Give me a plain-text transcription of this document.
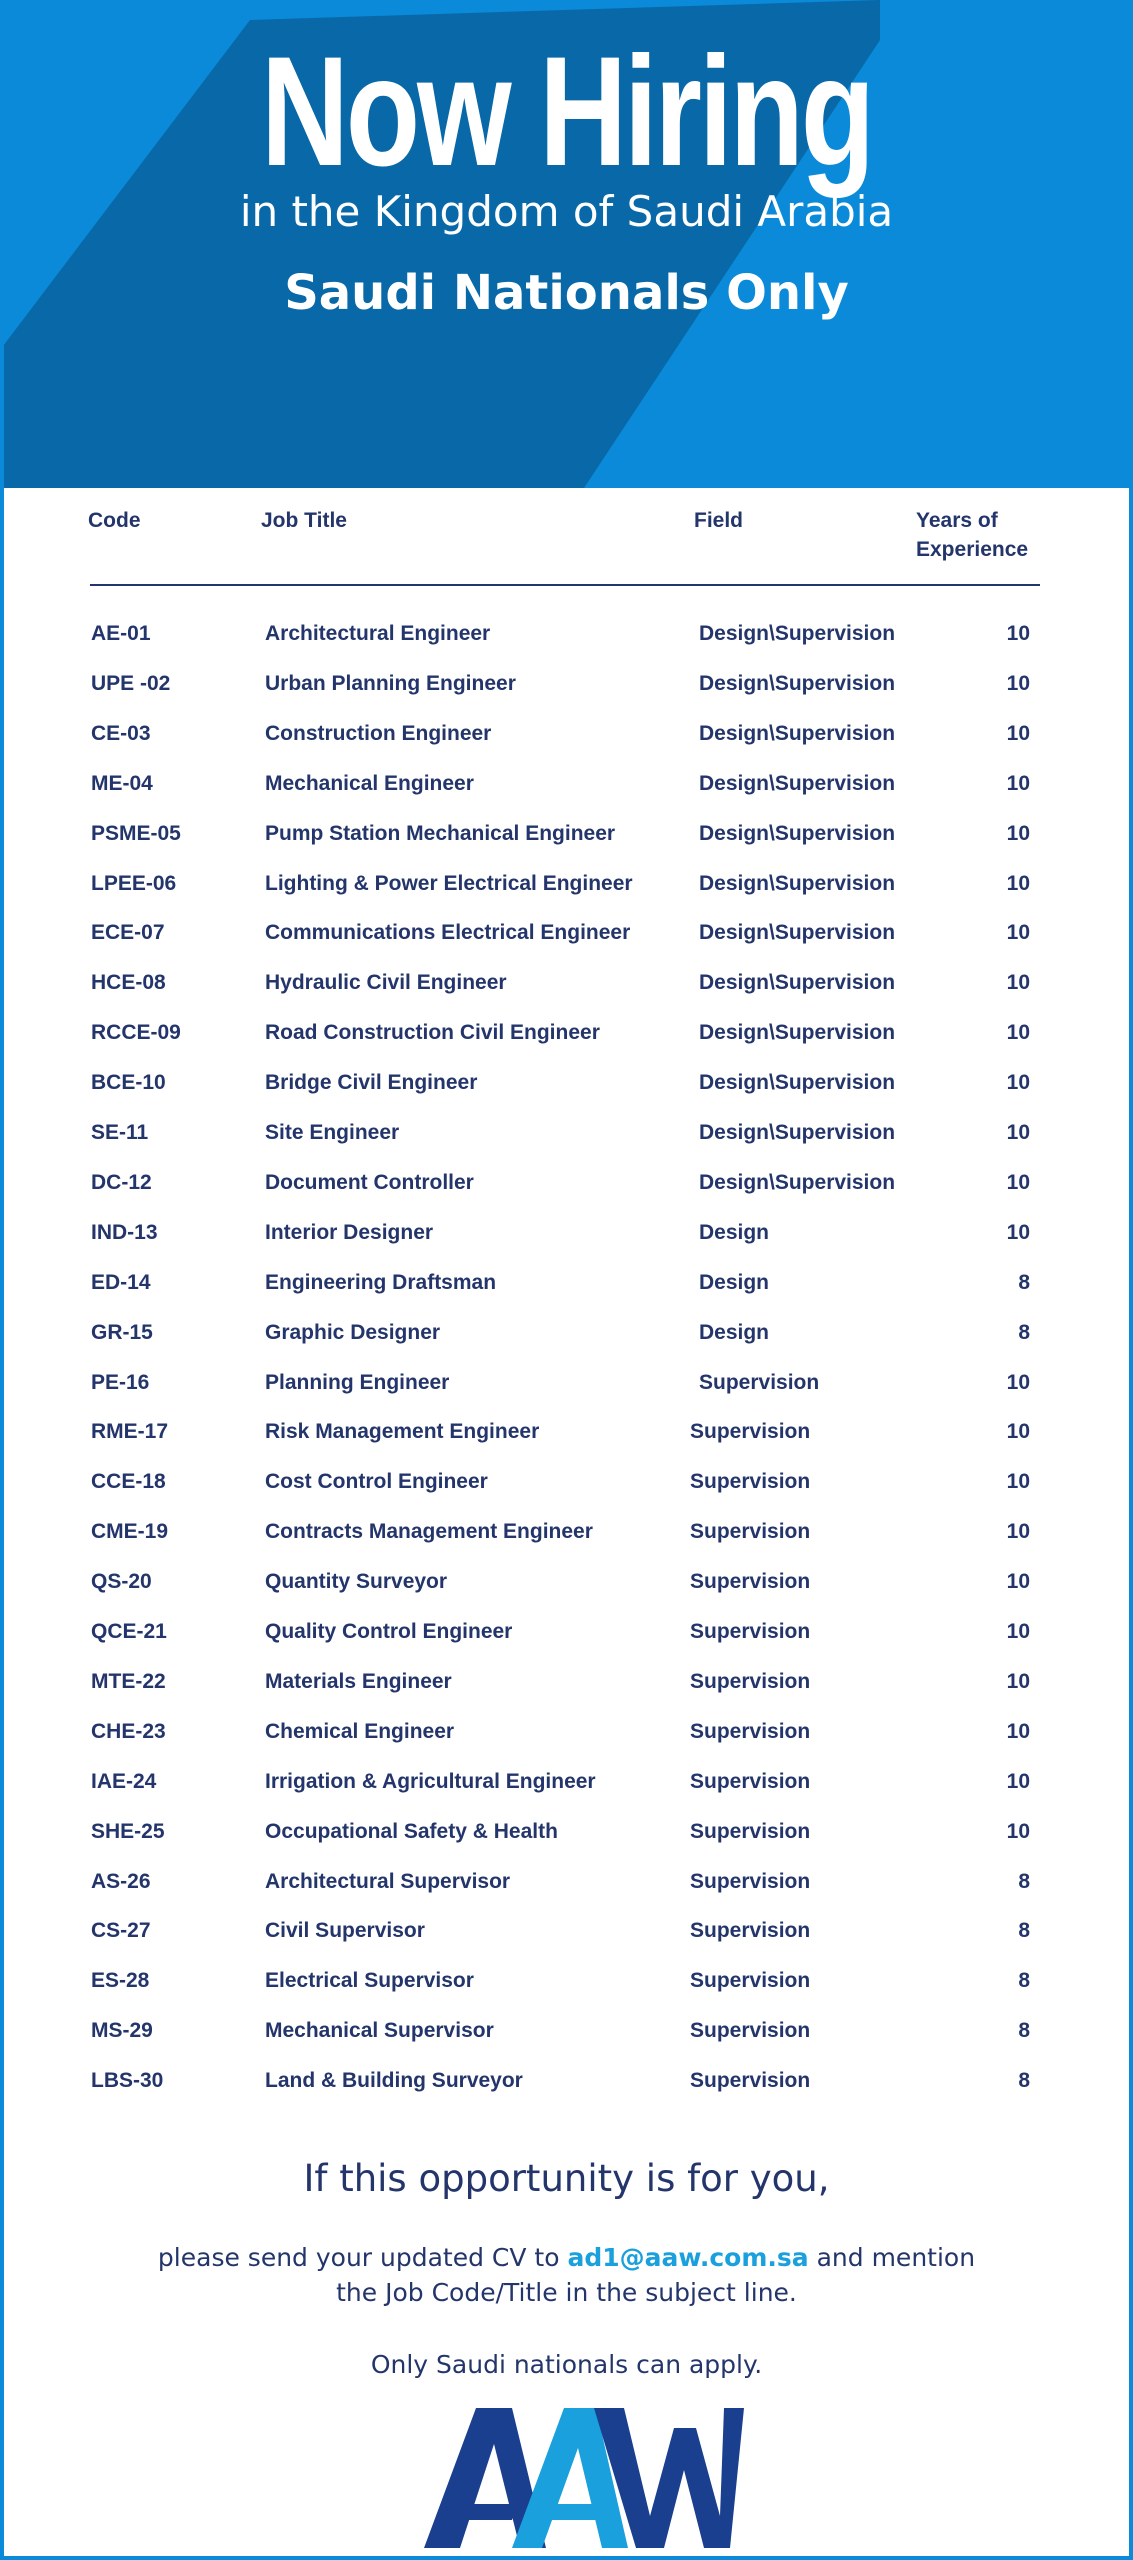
Now Hiring
in the Kingdom of Saudi Arabia
Saudi Nationals Only
Code	Job Title	Field	Years of
Experience
AE-01	Architectural Engineer	Design\Supervision	10
UPE -02	Urban Planning Engineer	Design\Supervision	10
CE-03	Construction Engineer	Design\Supervision	10
ME-04	Mechanical Engineer	Design\Supervision	10
PSME-05	Pump Station Mechanical Engineer	Design\Supervision	10
LPEE-06	Lighting & Power Electrical Engineer	Design\Supervision	10
ECE-07	Communications Electrical Engineer	Design\Supervision	10
HCE-08	Hydraulic Civil Engineer	Design\Supervision	10
RCCE-09	Road Construction Civil Engineer	Design\Supervision	10
BCE-10	Bridge Civil Engineer	Design\Supervision	10
SE-11	Site Engineer	Design\Supervision	10
DC-12	Document Controller	Design\Supervision	10
IND-13	Interior Designer	Design	10
ED-14	Engineering Draftsman	Design	8
GR-15	Graphic Designer	Design	8
PE-16	Planning Engineer	Supervision	10
RME-17	Risk Management Engineer	Supervision	10
CCE-18	Cost Control Engineer	Supervision	10
CME-19	Contracts Management Engineer	Supervision	10
QS-20	Quantity Surveyor	Supervision	10
QCE-21	Quality Control Engineer	Supervision	10
MTE-22	Materials Engineer	Supervision	10
CHE-23	Chemical Engineer	Supervision	10
IAE-24	Irrigation & Agricultural Engineer	Supervision	10
SHE-25	Occupational Safety & Health	Supervision	10
AS-26	Architectural Supervisor	Supervision	8
CS-27	Civil Supervisor	Supervision	8
ES-28	Electrical Supervisor	Supervision	8
MS-29	Mechanical Supervisor	Supervision	8
LBS-30	Land & Building Surveyor	Supervision	8
If this opportunity is for you,
please send your updated CV to ad1@aaw.com.sa and mention
the Job Code/Title in the subject line.
Only Saudi nationals can apply.
